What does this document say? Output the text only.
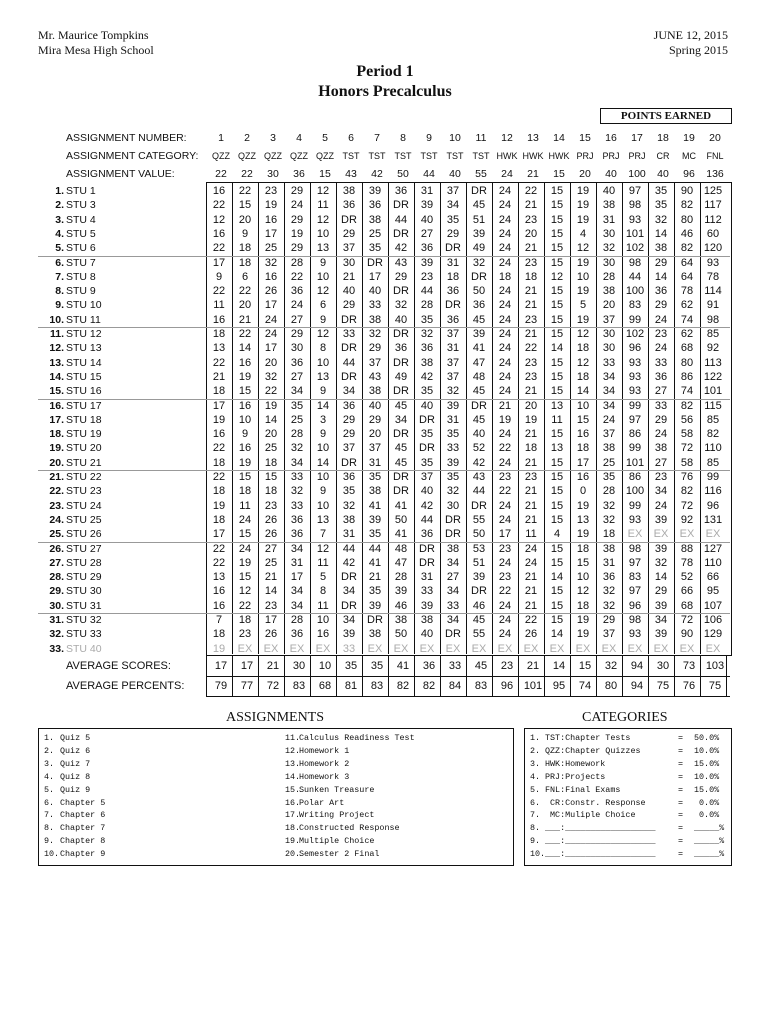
Mr. Maurice Tompkins
Mira Mesa High School
JUNE 12, 2015
Spring 2015
Period 1
Honors Precalculus
POINTS EARNED
ASSIGNMENT NUMBER:	1	2	3	4	5	6	7	8	9	10	11	12	13	14	15	16	17	18	19	20
ASSIGNMENT CATEGORY:	QZZ QZZ QZZ QZZ QZZ TST	TST	TST	TST	TST	TST HWK HWK HWK PRJ PRJ PRJ	CR	MC	FNL
ASSIGNMENT VALUE:	22	22	30	36	15	43	42	50	44	40	55	24	21	15	20	40	100	40	96	136
1. STU 1	16	22	23	29	12	38	39	36	31	37	DR	24	22	15	19	40	97	35	90 125
2. STU 3	22	15	19	24	11	36	36	DR	39	34	45	24	21	15	19	38	98	35	82	117
3. STU 4	12	20	16	29	12	DR	38	44	40	35	51	24	23	15	19	31	93	32	80	112
4. STU 5	16	9	17	19	10	29	25	DR	27	29	39	24	20	15	4	30 101 14	46	60
5. STU 6	22	18	25	29	13	37	35	42	36	DR	49	24	21	15	12	32 102 38	82 120
6. STU 7	17	18	32	28	9	30	DR	43	39	31	32	24	23	15	19	30	98	29	64	93
7. STU 8	9	6	16	22	10	21	17	29	23	18	DR	18	18	12	10	28	44	14	64	78
8. STU 9	22	22	26	36	12	40	40	DR	44	36	50	24	21	15	19	38 100 36	78	114
9. STU 10	11	20	17	24	6	29	33	32	28	DR	36	24	21	15	5	20	83	29	62	91
10. STU 11	16	21	24	27	9	DR	38	40	35	36	45	24	23	15	19	37	99	24	74	98
11. STU 12	18	22	24	29	12	33	32	DR	32	37	39	24	21	15	12	30 102 23	62	85
12. STU 13	13	14	17	30	8	DR	29	36	36	31	41	24	22	14	18	30	96	24	68	92
13. STU 14	22	16	20	36	10	44	37	DR	38	37	47	24	23	15	12	33	93	33	80	113
14. STU 15	21	19	32	27	13	DR	43	49	42	37	48	24	23	15	18	34	93	36	86 122
15. STU 16	18	15	22	34	9	34	38	DR	35	32	45	24	21	15	14	34	93	27	74 101
16. STU 17	17	16	19	35	14	36	40	45	40	39	DR	21	20	13	10	34	99	33	82	115
17. STU 18	19	10	14	25	3	29	29	34	DR	31	45	19	19	11	15	24	97	29	56	85
18. STU 19	16	9	20	28	9	29	20	DR	35	35	40	24	21	15	16	37	86	24	58	82
19. STU 20	22	16	25	32	10	37	37	45	DR	33	52	22	18	13	18	38	99	38	72	110
20. STU 21	18	19	18	34	14	DR	31	45	35	39	42	24	21	15	17	25 101 27	58	85
21. STU 22	22	15	15	33	10	36	35	DR	37	35	43	23	23	15	16	35	86	23	76	99
22. STU 23	18	18	18	32	9	35	38	DR	40	32	44	22	21	15	0	28 100 34	82	116
23. STU 24	19	11	23	33	10	32	41	41	42	30	DR	24	21	15	19	32	99	24	72	96
24. STU 25	18	24	26	36	13	38	39	50	44	DR	55	24	21	15	13	32	93	39	92 131
25. STU 26	17	15	26	36	7	31	35	41	36	DR	50	17	11	4	19	18	EX	EX	EX	EX
26. STU 27	22	24	27	34	12	44	44	48	DR	38	53	23	24	15	18	38	98	39	88 127
27. STU 28	22	19	25	31	11	42	41	47	DR	34	51	24	24	15	15	31	97	32	78	110
28. STU 29	13	15	21	17	5	DR	21	28	31	27	39	23	21	14	10	36	83	14	52	66
29. STU 30	16	12	14	34	8	34	35	39	33	34	DR	22	21	15	12	32	97	29	66	95
30. STU 31	16	22	23	34	11	DR	39	46	39	33	46	24	21	15	18	32	96	39	68 107
31. STU 32	7	18	17	28	10	34	DR	38	38	34	45	24	22	15	19	29	98	34	72 106
32. STU 33	18	23	26	36	16	39	38	50	40	DR	55	24	26	14	19	37	93	39	90 129
33. STU 40	19	EX	EX	EX	EX	33	EX	EX	EX	EX	EX	EX	EX	EX	EX	EX	EX	EX	EX	EX
AVERAGE SCORES:	17	17	21	30	10	35	35	41	36	33	45	23	21	14	15	32	94	30	73 103
AVERAGE PERCENTS:	79	77	72	83	68	81	83	82	82	84	83	96 101 95	74	80	94	75	76	75
ASSIGNMENTS
1. Quiz 5
2. Quiz 6
3. Quiz 7
4. Quiz 8
5. Quiz 9
6. Chapter 5
7. Chapter 6
8. Chapter 7
9. Chapter 8
10. Chapter 9
11.
Calculus Readiness Test
12.
Homework 1
13.
Homework 2
14.
Homework 3
15.
Sunken Treasure
16.
Polar Art
17.
Writing Project
18.
Constructed Response
19.
Multiple Choice
20.
Semester 2 Final
CATEGORIES
1. TST:Chapter Tests	= 50.0%
2. QZZ:Chapter Quizzes	= 10.0%
3. HWK:Homework	= 15.0%
4. PRJ:Projects	= 10.0%
5. FNL:Final Exams	= 15.0%
6. CR:Constr. Response	= 0.0%
7. MC:Muliple Choice	= 0.0%
8. ___:__________________	= _____%
9. ___:__________________	= _____%
10. ___:__________________	= _____%
